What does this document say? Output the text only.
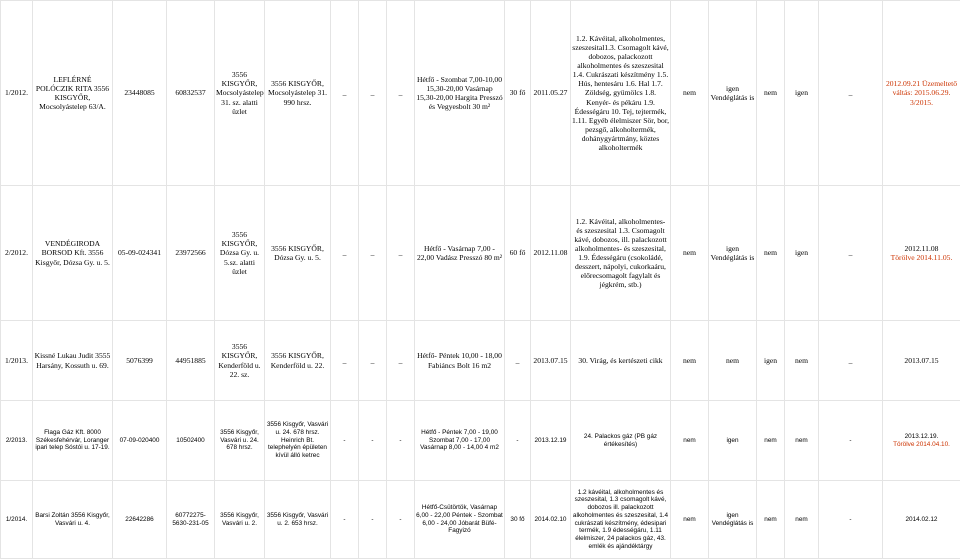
1/2012.	LEFLÉRNÉ POLÓCZIK RITA 3556 KISGYŐR, Mocsolyástelep 63/A.	23448085	60832537	3556 KISGYŐR, Mocsolyástelep 31. sz. alatti üzlet	3556 KISGYŐR, Mocsolyástelep 31. 990 hrsz.	_	_	_	Hétfő - Szombat 7,00-10,00 15,30-20,00 Vasárnap 15,30-20,00 Hargita Presszó és Vegyesbolt 30 m²	30 fő	2011.05.27	1.2. Kávéital, alkoholmentes, szeszesital1.3. Csomagolt kávé, dobozos, palackozott alkoholmentes és szeszesital 1.4. Cukrászati készítmény 1.5. Hús, hentesáru 1.6. Hal 1.7. Zöldség, gyümölcs 1.8. Kenyér- és pékáru 1.9. Édességáru 10. Tej, tejtermék, 1.11. Egyéb élelmiszer Sör, bor, pezsgő, alkoholtermék, dohánygyártmány, köztes alkoholtermék	nem	igen Vendéglátás is	nem	igen	_	2012.09.21 Üzemeltető váltás: 2015.06.29. 3/2015.
2/2012.	VENDÉGIRODA BORSOD Kft. 3556 Kisgyőr, Dózsa Gy. u. 5.	05-09-024341	23972566	3556 KISGYŐR, Dózsa Gy. u. 5.sz. alatti üzlet	3556 KISGYŐR, Dózsa Gy. u. 5.	_	_	_	Hétfő - Vasárnap 7,00 - 22,00 Vadász Presszó 80 m²	60 fő	2012.11.08	1.2. Kávéital, alkoholmentes- és szeszesital 1.3. Csomagolt kávé, dobozos, ill. palackozott alkoholmentes- és szeszesital, 1.9. Édességáru (csokoládé, desszert, nápolyi, cukorkaáru, előrecsomagolt fagylalt és jégkrém, stb.)	nem	igen Vendéglátás is	nem	igen	_	2012.11.08
Törölve 2014.11.05.

1/2013.	Kissné Lukau Judit 3555 Harsány, Kossuth u. 69.	5076399	44951885	3556 KISGYŐR, Kenderföld u. 22. sz.	3556 KISGYŐR, Kenderföld u. 22.	_	_	_	Hétfő- Péntek 10,00 - 18,00 Fabiáncs Bolt 16 m2	_	2013.07.15	30. Virág, és kertészeti cikk	nem	nem	igen	nem	_	2013.07.15
2/2013.	Flaga Gáz Kft. 8000 Székesfehérvár, Loranger ipari telep Sóstói u. 17-19.	07-09-020400	10502400	3556 Kisgyőr, Vasvári u. 24. 678 hrsz.	3556 Kisgyőr, Vasvári u. 24. 678 hrsz. Heinrich Bt. telephelyén épületen kívül álló ketrec	-	-	-	Hétfő - Péntek 7,00 - 19,00 Szombat 7,00 - 17,00 Vasárnap 8,00 - 14,00 4 m2	-	2013.12.19	24. Palackos gáz (PB gáz értékesítés)	nem	igen	nem	nem	-	2013.12.19.
Törölve 2014.04.10.

1/2014.	Barsi Zoltán 3556 Kisgyőr, Vasvári u. 4.	22642286	60772275-5630-231-05	3556 Kisgyőr, Vasvári u. 2.	3556 Kisgyőr, Vasvári u. 2. 653 hrsz.	-	-	-	Hétfő-Csütörtök, Vasárnap 6,00 - 22,00 Péntek - Szombat 6,00 - 24,00 Jóbarát Büfé-Fagyizó	30 fő	2014.02.10	1.2 kávéital, alkoholmentes és szeszesital, 1.3 csomagolt kávé, dobozos ill. palackozott alkoholmentes és szeszesital, 1.4 cukrászati készítmény, édesipari termék, 1.9 édességáru, 1.11 élelmiszer, 24 palackos gáz, 43. emlék és ajándéktárgy	nem	igen Vendéglátás is	nem	nem	-	2014.02.12
